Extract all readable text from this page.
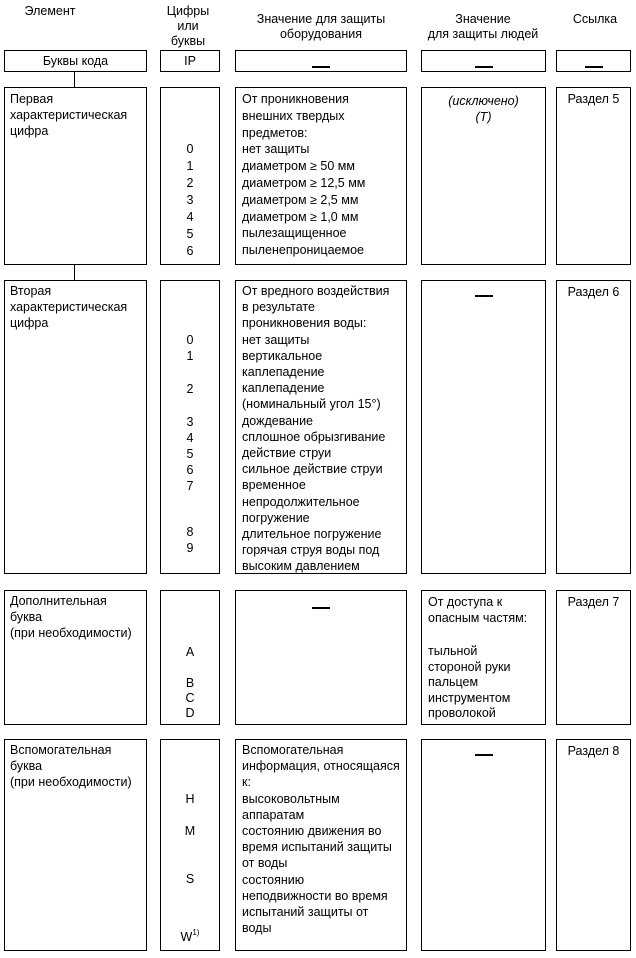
Элемент	Цифры
или
буквы
Значение для защиты
оборудования
Значение
для защиты людей
Ссылка
Буквы кода	IP
Первая
характеристическая
цифра
0
1
2
3
4
5
6
От проникновения
внешних твердых
предметов:
нет защиты
диаметром ≥ 50 мм
диаметром ≥ 12,5 мм
диаметром ≥ 2,5 мм
диаметром ≥ 1,0 мм
пылезащищенное
пыленепроницаемое
(исключено)
(T)
Раздел 5
Вторая
характеристическая
цифра
0
1
2
3
4
5
6
7
8
9
От вредного воздействия
в результате
проникновения воды:
нет защиты
вертикальное
каплепадение
каплепадение
(номинальный угол 15°)
дождевание
сплошное обрызгивание
действие струи
сильное действие струи
временное
непродолжительное
погружение
длительное погружение
горячая струя воды под
высоким давлением
Раздел 6
Дополнительная
буква
(при необходимости)
A
B
C
D
От доступа к
опасным частям:
тыльной
стороной руки
пальцем
инструментом
проволокой
Раздел 7
Вспомогательная
буква
(при необходимости)
H
M
S
$W^{1)}$
Вспомогательная
информация, относящаяся
к:
высоковольтным
аппаратам
состоянию движения во
время испытаний защиты
от воды
состоянию
неподвижности во время
испытаний защиты от
воды
Раздел 8
